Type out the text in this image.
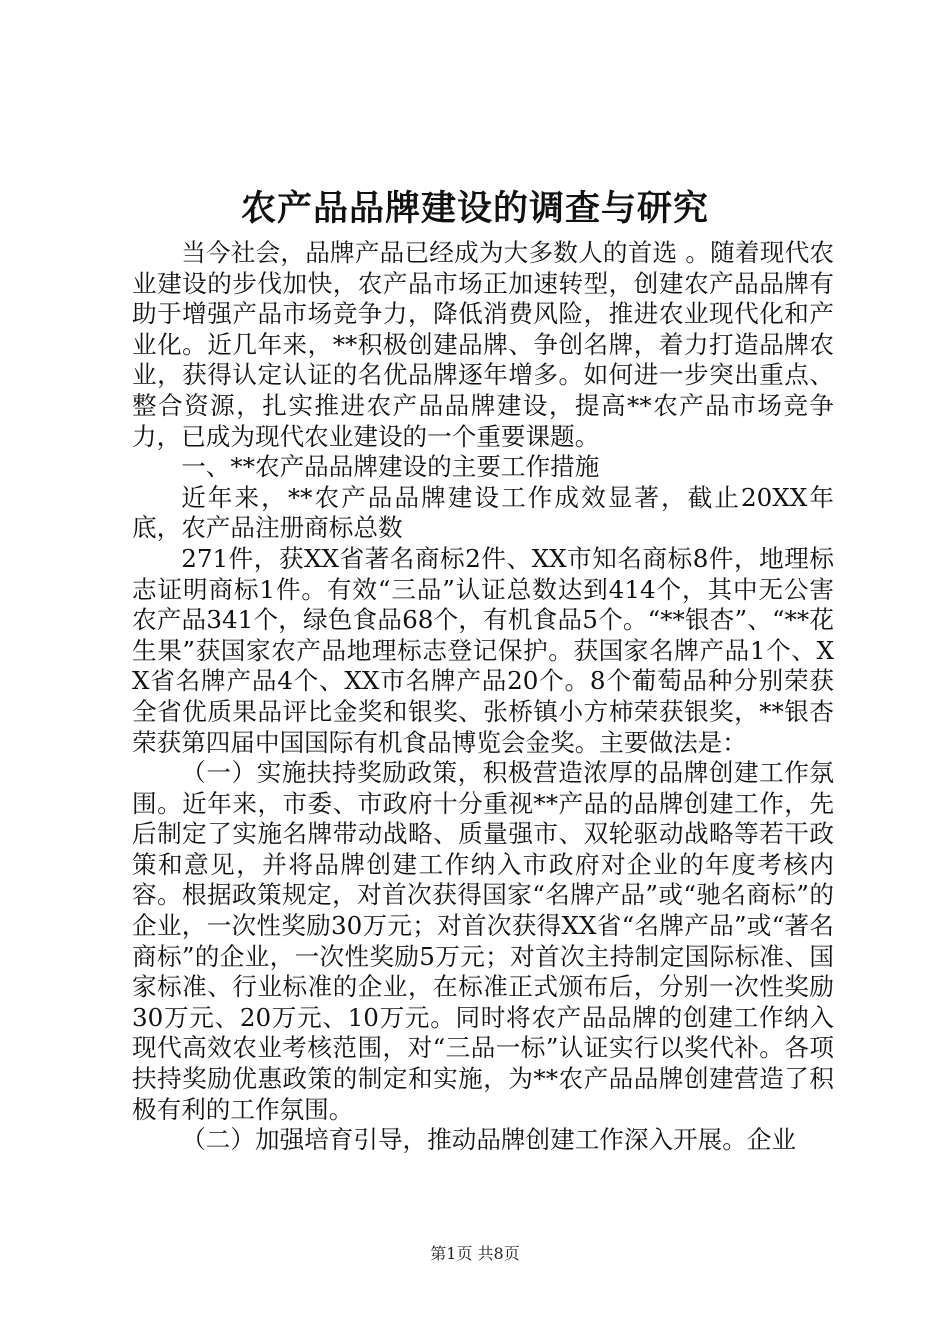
农产品品牌建设的调查与研究

当今社会，品牌产品已经成为大多数人的首选 。随着现代农业建设的步伐加快，农产品市场正加速转型，创建农产品品牌有助于增强产品市场竞争力，降低消费风险，推进农业现代化和产业化。近几年来，**积极创建品牌、争创名牌，着力打造品牌农业，获得认定认证的名优品牌逐年增多。如何进一步突出重点、整合资源，扎实推进农产品品牌建设，提高**农产品市场竞争力，已成为现代农业建设的一个重要课题。

一、**农产品品牌建设的主要工作措施

近年来，**农产品品牌建设工作成效显著，截止20XX年底，农产品注册商标总数

271件，获XX省著名商标2件、XX市知名商标8件，地理标志证明商标1件。有效“三品”认证总数达到414个，其中无公害农产品341个，绿色食品68个，有机食品5个。“**银杏”、“**花生果”获国家农产品地理标志登记保护。获国家名牌产品1个、XX省名牌产品4个、XX市名牌产品20个。8个葡萄品种分别荣获全省优质果品评比金奖和银奖、张桥镇小方柿荣获银奖，**银杏荣获第四届中国国际有机食品博览会金奖。主要做法是：

（一）实施扶持奖励政策，积极营造浓厚的品牌创建工作氛围。近年来，市委、市政府十分重视**产品的品牌创建工作，先后制定了实施名牌带动战略、质量强市、双轮驱动战略等若干政策和意见，并将品牌创建工作纳入市政府对企业的年度考核内容。根据政策规定，对首次获得国家“名牌产品”或“驰名商标”的企业，一次性奖励30万元；对首次获得XX省“名牌产品”或“著名商标”的企业，一次性奖励5万元；对首次主持制定国际标准、国家标准、行业标准的企业，在标准正式颁布后，分别一次性奖励30万元、20万元、10万元。同时将农产品品牌的创建工作纳入现代高效农业考核范围，对“三品一标”认证实行以奖代补。各项扶持奖励优惠政策的制定和实施，为**农产品品牌创建营造了积极有利的工作氛围。

（二）加强培育引导，推动品牌创建工作深入开展。企业

第1页 共8页
